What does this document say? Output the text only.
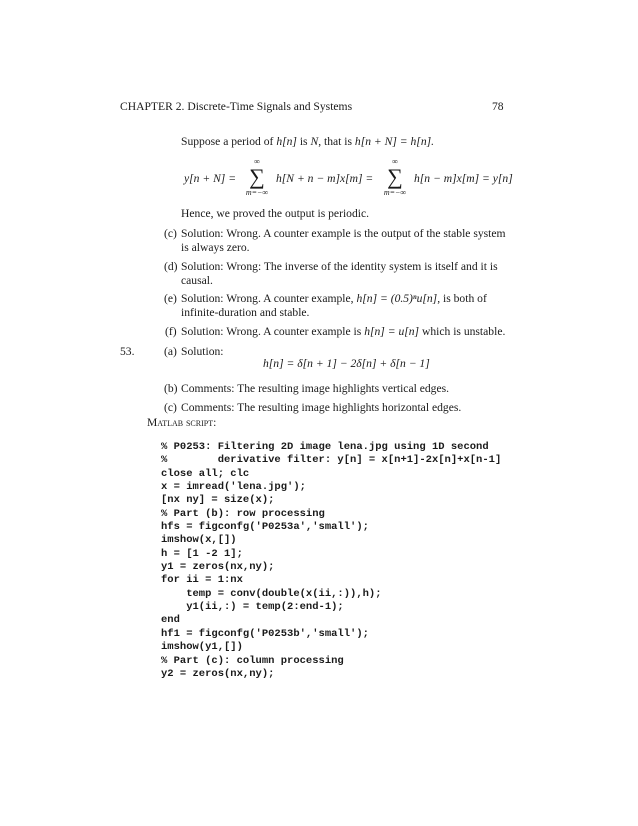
CHAPTER 2. Discrete-Time Signals and Systems	78
Suppose a period of h[n] is N, that is h[n + N] = h[n].
y[n + N] =
∞
∑
m=−∞
h[N + n − m]x[m] =
∞
∑
m=−∞
h[n − m]x[m] = y[n]
Hence, we proved the output is periodic.
(c) Solution: Wrong. A counter example is the output of the stable system
is always zero.
(d) Solution: Wrong: The inverse of the identity system is itself and it is
causal.
(e) Solution: Wrong. A counter example, h[n] = (0.5)ⁿu[n], is both of
infinite-duration and stable.
(f) Solution: Wrong. A counter example is h[n] = u[n] which is unstable.
53.	(a) Solution:
h[n] = δ[n + 1] − 2δ[n] + δ[n − 1]
(b) Comments: The resulting image highlights vertical edges.
(c) Comments: The resulting image highlights horizontal edges.
Matlab script:
% P0253: Filtering 2D image lena.jpg using 1D second
%        derivative filter: y[n] = x[n+1]-2x[n]+x[n-1]
close all; clc
x = imread('lena.jpg');
[nx ny] = size(x);
% Part (b): row processing
hfs = figconfg('P0253a','small');
imshow(x,[])
h = [1 -2 1];
y1 = zeros(nx,ny);
for ii = 1:nx
temp = conv(double(x(ii,:)),h);
y1(ii,:) = temp(2:end-1);
end
hf1 = figconfg('P0253b','small');
imshow(y1,[])
% Part (c): column processing
y2 = zeros(nx,ny);
